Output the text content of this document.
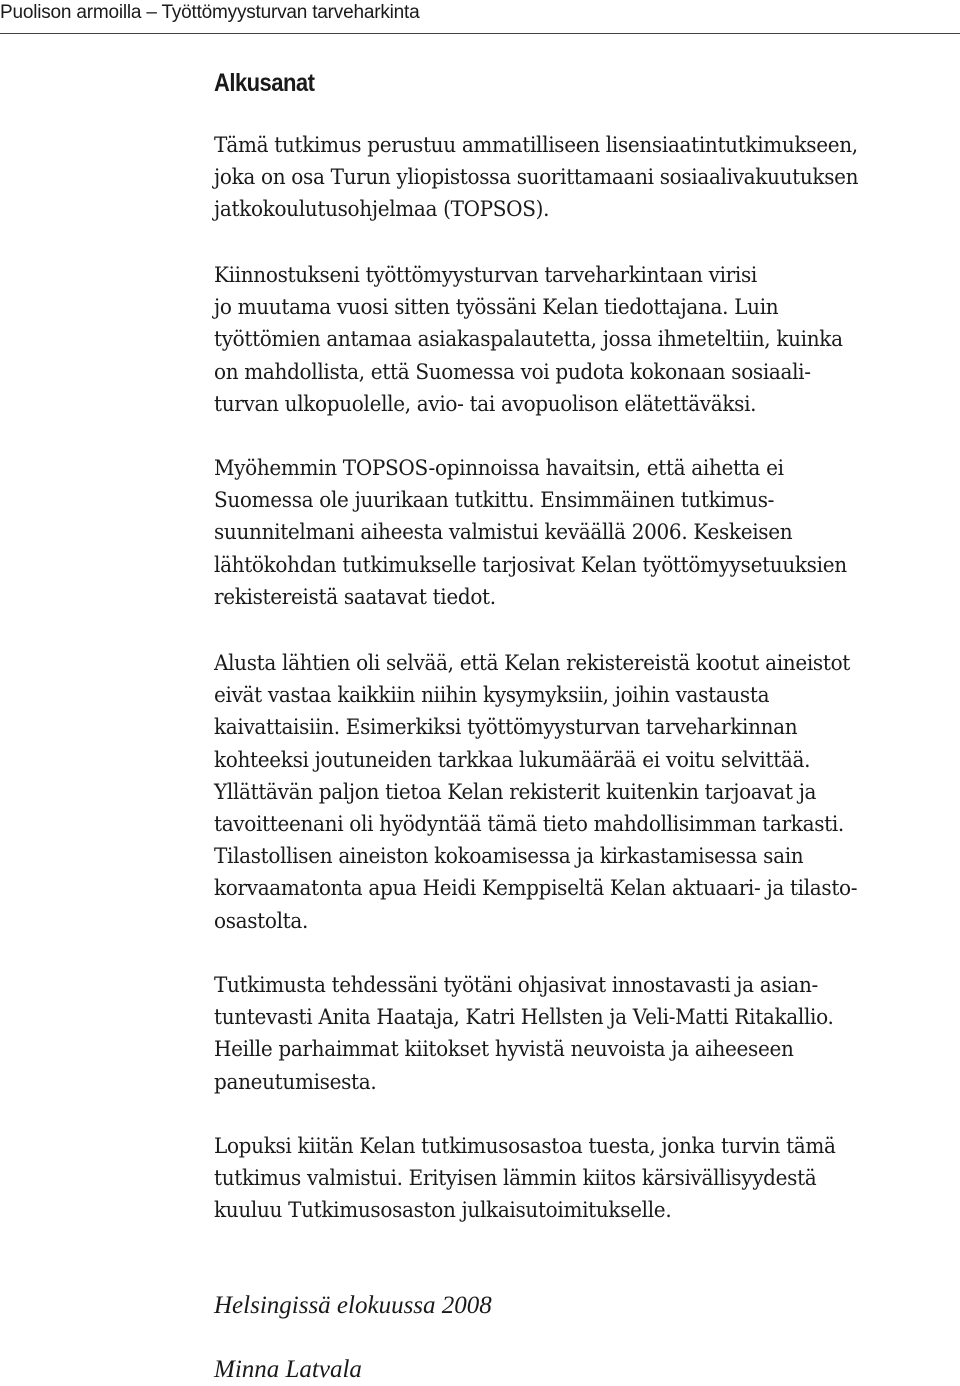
Puolison armoilla – Työttömyysturvan tarveharkinta
Alkusanat

Tämä tutkimus perustuu ammatilliseen lisensiaatintutkimukseen,
joka on osa Turun yliopistossa suorittamaani sosiaalivakuutuksen
jatkokoulutusohjelmaa (TOPSOS).

Kiinnostukseni työttömyysturvan tarveharkintaan virisi
jo muutama vuosi sitten työssäni Kelan tiedottajana. Luin
työttömien antamaa asiakaspalautetta, jossa ihmeteltiin, kuinka
on mahdollista, että Suomessa voi pudota kokonaan sosiaali-
turvan ulkopuolelle, avio- tai avopuolison elätettäväksi.

Myöhemmin TOPSOS-opinnoissa havaitsin, että aihetta ei
Suomessa ole juurikaan tutkittu. Ensimmäinen tutkimus-
suunnitelmani aiheesta valmistui keväällä 2006. Keskeisen
lähtökohdan tutkimukselle tarjosivat Kelan työttömyysetuuksien
rekistereistä saatavat tiedot.

Alusta lähtien oli selvää, että Kelan rekistereistä kootut aineistot
eivät vastaa kaikkiin niihin kysymyksiin, joihin vastausta
kaivattaisiin. Esimerkiksi työttömyysturvan tarveharkinnan
kohteeksi joutuneiden tarkkaa lukumäärää ei voitu selvittää.
Yllättävän paljon tietoa Kelan rekisterit kuitenkin tarjoavat ja
tavoitteenani oli hyödyntää tämä tieto mahdollisimman tarkasti.
Tilastollisen aineiston kokoamisessa ja kirkastamisessa sain
korvaamatonta apua Heidi Kemppiseltä Kelan aktuaari- ja tilasto-
osastolta.

Tutkimusta tehdessäni työtäni ohjasivat innostavasti ja asian-
tuntevasti Anita Haataja, Katri Hellsten ja Veli-Matti Ritakallio.
Heille parhaimmat kiitokset hyvistä neuvoista ja aiheeseen
paneutumisesta.

Lopuksi kiitän Kelan tutkimusosastoa tuesta, jonka turvin tämä
tutkimus valmistui. Erityisen lämmin kiitos kärsivällisyydestä
kuuluu Tutkimusosaston julkaisutoimitukselle.

Helsingissä elokuussa 2008

Minna Latvala
